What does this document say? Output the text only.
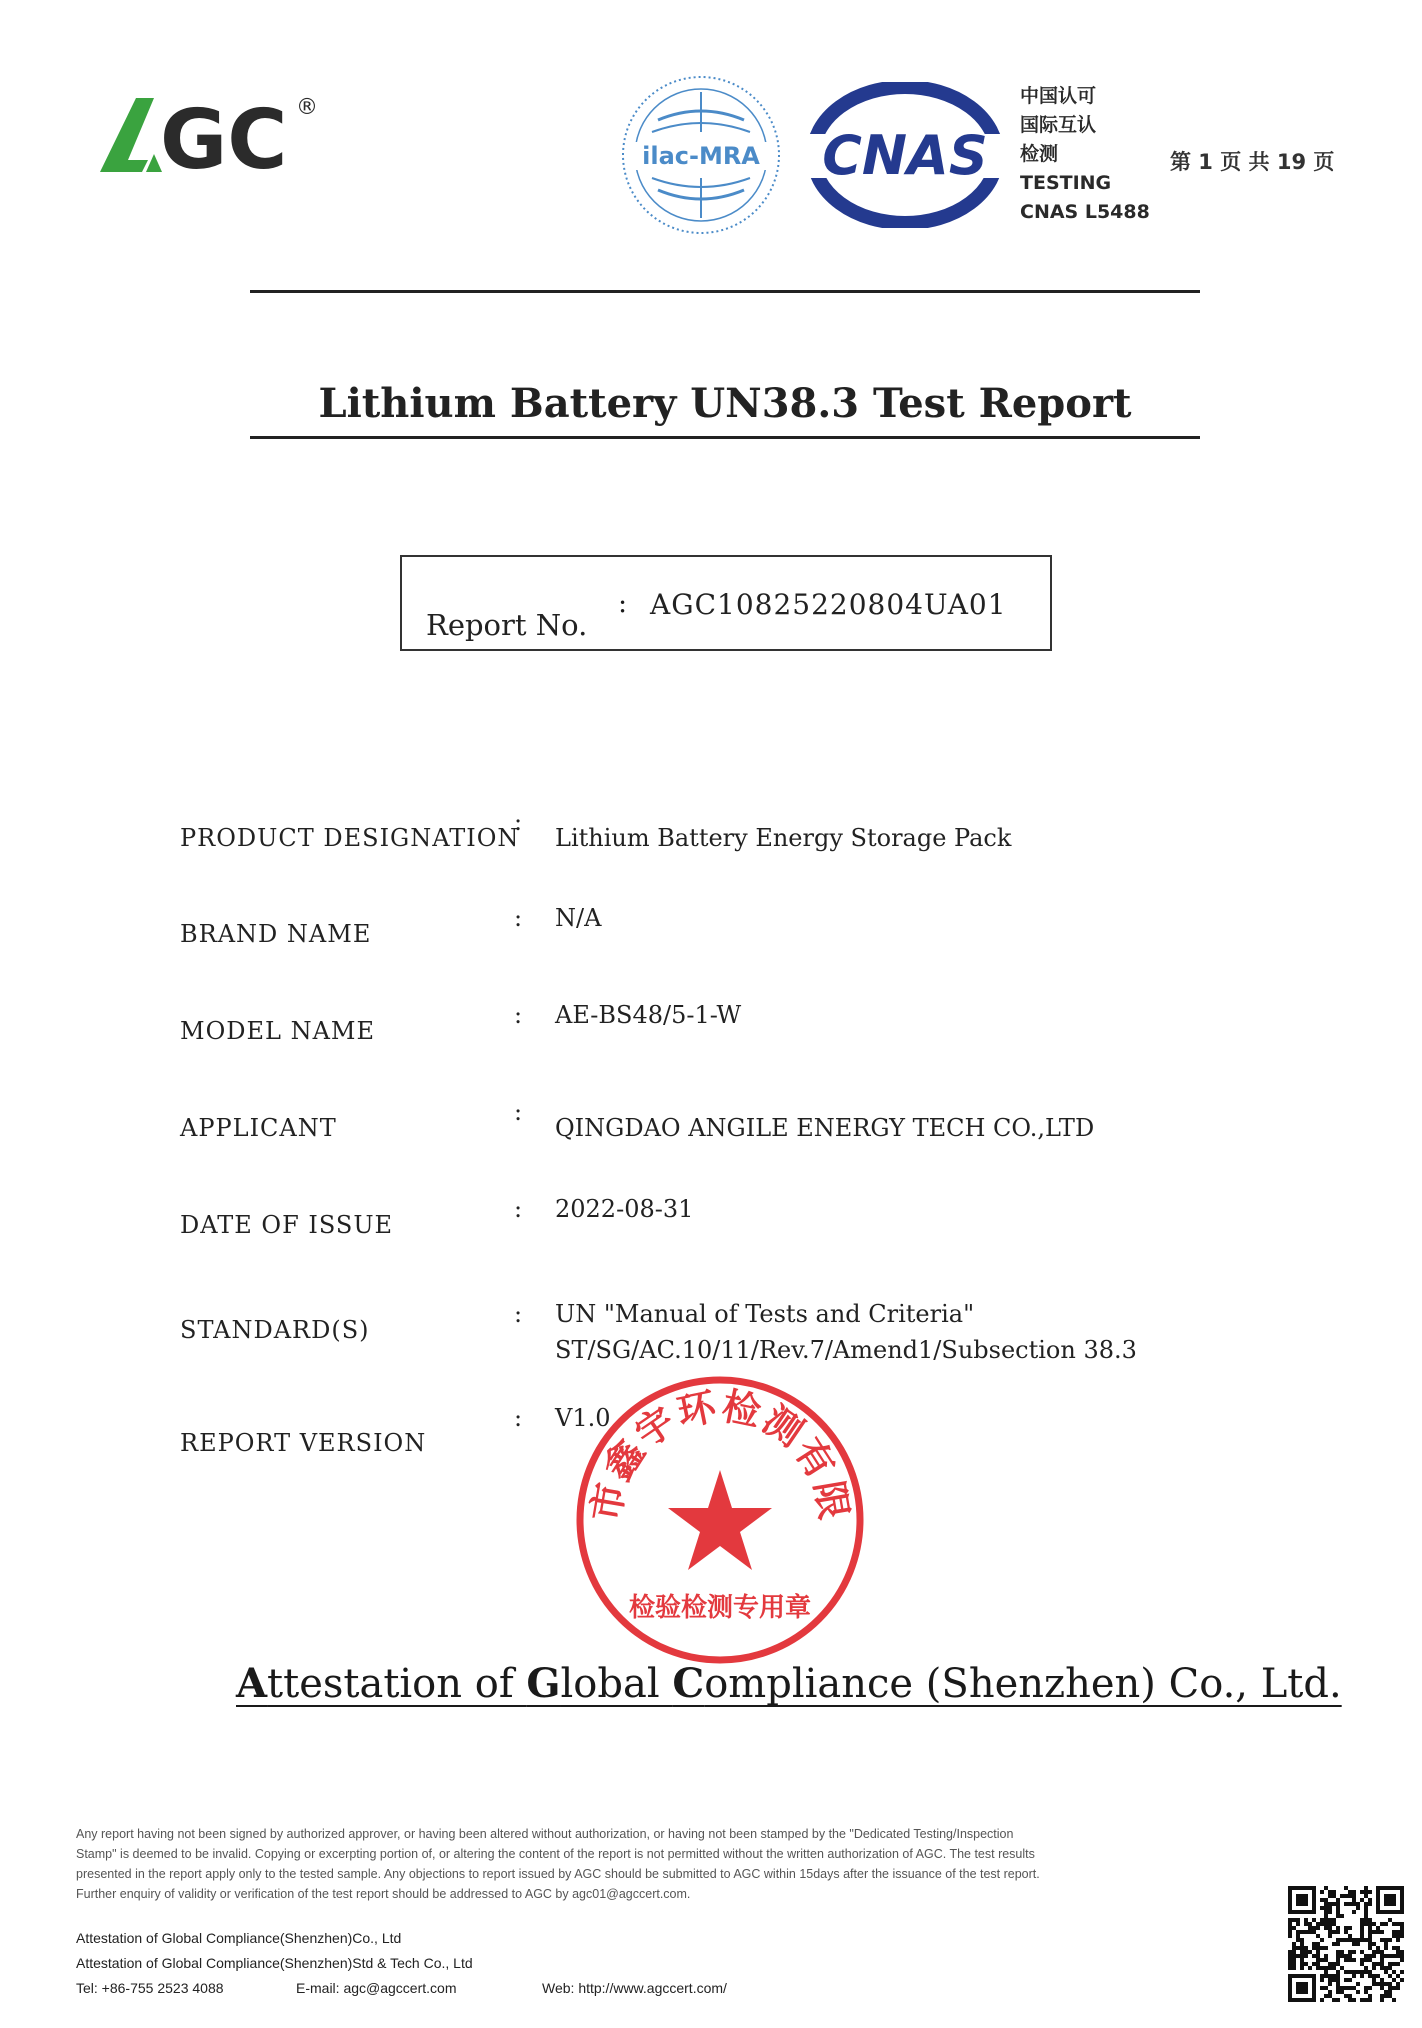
GC ®
ilac-MRA CNAS
中国认可
国际互认
检测
TESTING
CNAS L5488
第 1 页 共 19 页
Lithium Battery UN38.3 Test Report
Report No.
: AGC10825220804UA01
PRODUCT DESIGNATION
:
Lithium Battery Energy Storage Pack
BRAND NAME
: N/A
MODEL NAME
: AE-BS48/5-1-W
APPLICANT
:
QINGDAO ANGILE ENERGY TECH CO.,LTD
DATE OF ISSUE
: 2022-08-31
STANDARD(S)
: UN "Manual of Tests and Criteria"
ST/SG/AC.10/11/Rev.7/Amend1/Subsection 38.3
REPORT VERSION
: V1.0
市鑫宇环检测有限
检验检测专用章
Attestation of Global Compliance (Shenzhen) Co., Ltd.
Any report having not been signed by authorized approver, or having been altered without authorization, or having not been stamped by the "Dedicated Testing/Inspection
Stamp" is deemed to be invalid. Copying or excerpting portion of, or altering the content of the report is not permitted without the written authorization of AGC. The test results
presented in the report apply only to the tested sample. Any objections to report issued by AGC should be submitted to AGC within 15days after the issuance of the test report.
Further enquiry of validity or verification of the test report should be addressed to AGC by agc01@agccert.com.
Attestation of Global Compliance(Shenzhen)Co., Ltd
Attestation of Global Compliance(Shenzhen)Std & Tech Co., Ltd
Tel: +86-755 2523 4088	E-mail: agc@agccert.com	Web: http://www.agccert.com/
